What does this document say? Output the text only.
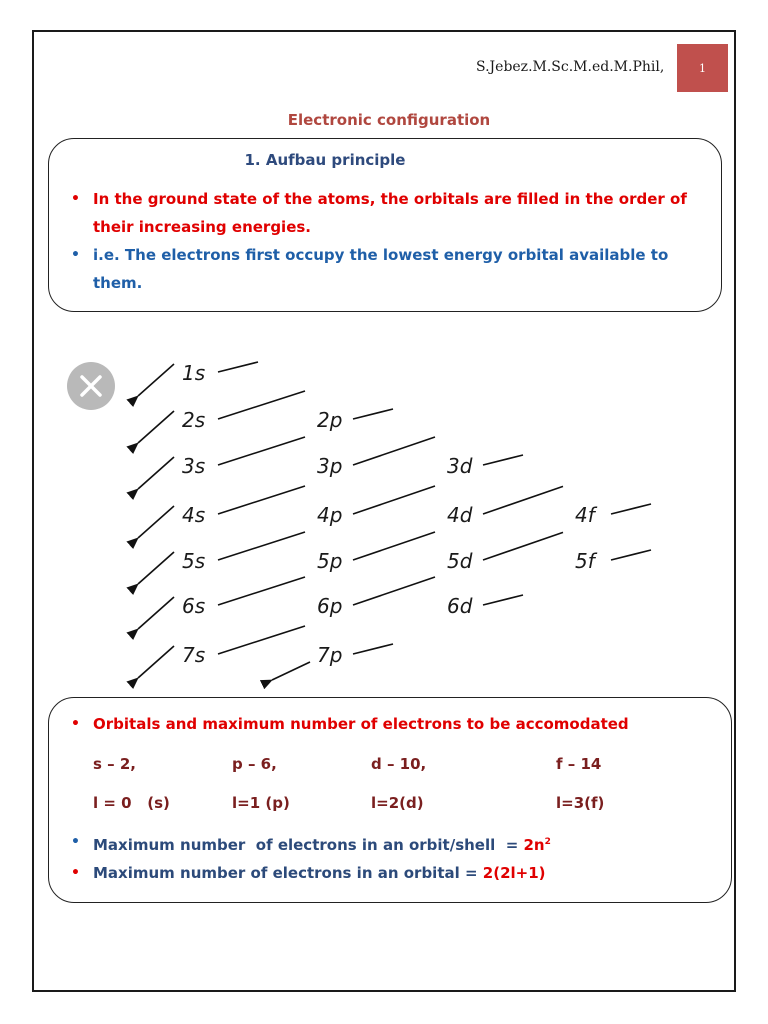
S.Jebez.M.Sc.M.ed.M.Phil,	1
Electronic configuration
1. Aufbau principle
• In the ground state of the atoms, the orbitals are filled in the order of their increasing energies.
• i.e. The electrons first occupy the lowest energy orbital available to them.
1s
2s	2p
3s	3p	3d
4s	4p	4d	4f
5s	5p	5d	5f
6s	6p	6d
7s	7p
• Orbitals and maximum number of electrons to be accomodated
s – 2,	p – 6,	d – 10,	f – 14
l = 0   (s)	l=1 (p)	l=2(d)	l=3(f)
• Maximum number  of electrons in an orbit/shell  = $2n^2$
• Maximum number of electrons in an orbital = 2(2l+1)
